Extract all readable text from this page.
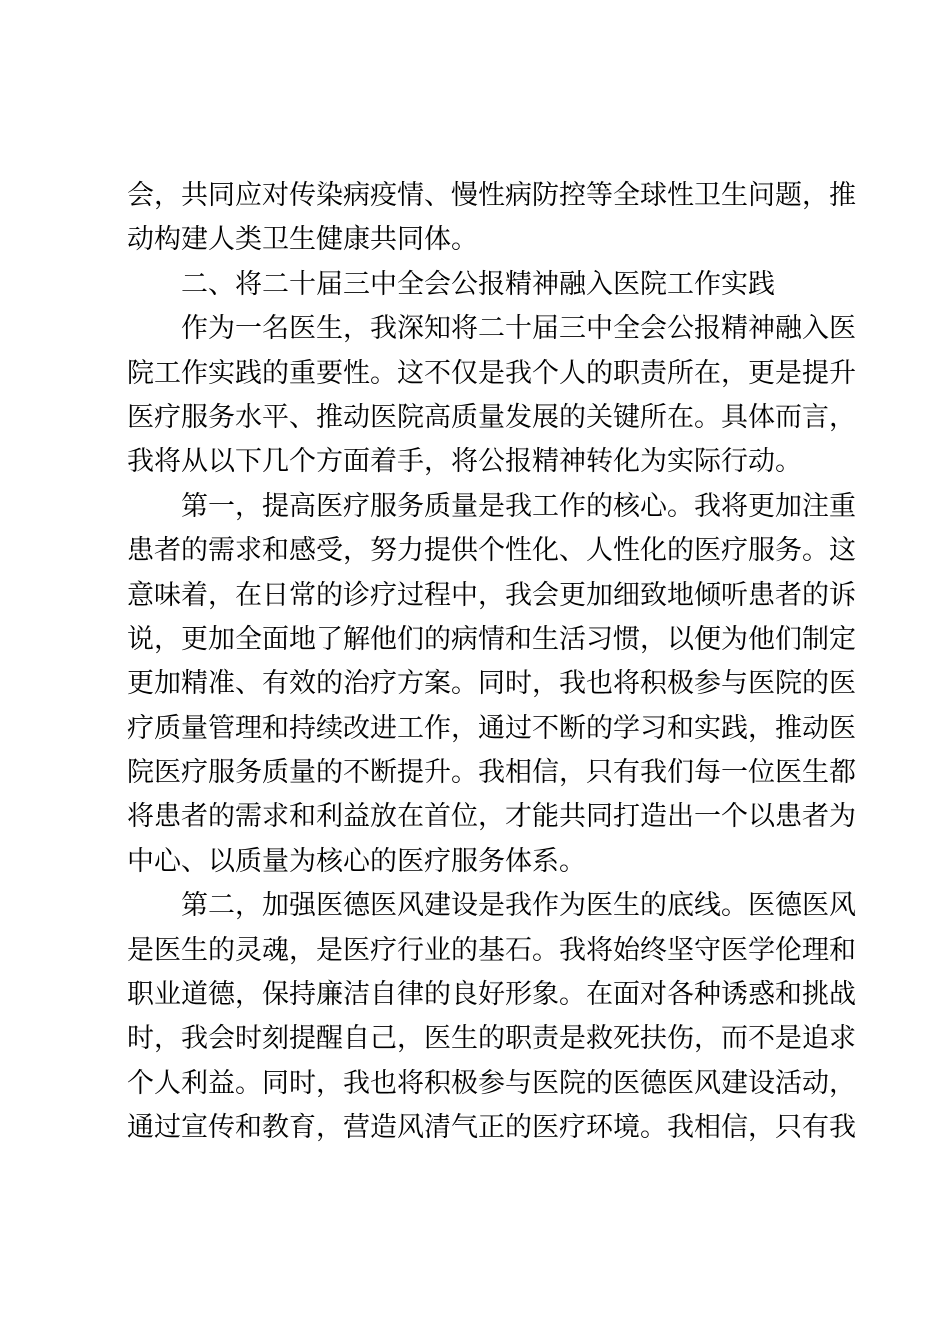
会，共同应对传染病疫情、慢性病防控等全球性卫生问题，推
动构建人类卫生健康共同体。

二、将二十届三中全会公报精神融入医院工作实践

作为一名医生，我深知将二十届三中全会公报精神融入医
院工作实践的重要性。这不仅是我个人的职责所在，更是提升
医疗服务水平、推动医院高质量发展的关键所在。具体而言，
我将从以下几个方面着手，将公报精神转化为实际行动。

第一，提高医疗服务质量是我工作的核心。我将更加注重
患者的需求和感受，努力提供个性化、人性化的医疗服务。这
意味着，在日常的诊疗过程中，我会更加细致地倾听患者的诉
说，更加全面地了解他们的病情和生活习惯，以便为他们制定
更加精准、有效的治疗方案。同时，我也将积极参与医院的医
疗质量管理和持续改进工作，通过不断的学习和实践，推动医
院医疗服务质量的不断提升。我相信，只有我们每一位医生都
将患者的需求和利益放在首位，才能共同打造出一个以患者为
中心、以质量为核心的医疗服务体系。

第二，加强医德医风建设是我作为医生的底线。医德医风
是医生的灵魂，是医疗行业的基石。我将始终坚守医学伦理和
职业道德，保持廉洁自律的良好形象。在面对各种诱惑和挑战
时，我会时刻提醒自己，医生的职责是救死扶伤，而不是追求
个人利益。同时，我也将积极参与医院的医德医风建设活动，
通过宣传和教育，营造风清气正的医疗环境。我相信，只有我
